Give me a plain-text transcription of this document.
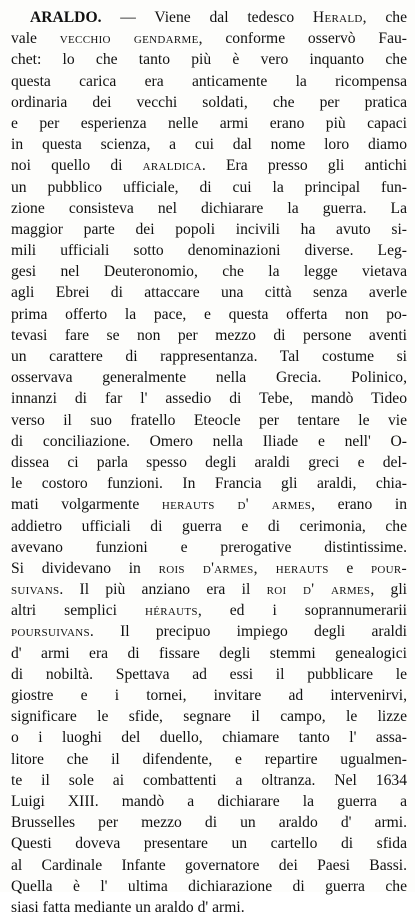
ARALDO. — Viene dal tedesco Herald, che
vale vecchio gendarme, conforme osservò Fau-
chet: lo che tanto più è vero inquanto che
questa carica era anticamente la ricompensa
ordinaria dei vecchi soldati, che per pratica
e per esperienza nelle armi erano più capaci
in questa scienza, a cui dal nome loro diamo
noi quello di araldica. Era presso gli antichi
un pubblico ufficiale, di cui la principal fun-
zione consisteva nel dichiarare la guerra. La
maggior parte dei popoli incivili ha avuto si-
mili ufficiali sotto denominazioni diverse. Leg-
gesi nel Deuteronomio, che la legge vietava
agli Ebrei di attaccare una città senza averle
prima offerto la pace, e questa offerta non po-
tevasi fare se non per mezzo di persone aventi
un carattere di rappresentanza. Tal costume si
osservava generalmente nella Grecia. Polinico,
innanzi di far l' assedio di Tebe, mandò Tideo
verso il suo fratello Eteocle per tentare le vie
di conciliazione. Omero nella Iliade e nell' O-
dissea ci parla spesso degli araldi greci e del-
le costoro funzioni. In Francia gli araldi, chia-
mati volgarmente herauts d' armes, erano in
addietro ufficiali di guerra e di cerimonia, che
avevano funzioni e prerogative distintissime.
Si dividevano in rois d'armes, herauts e pour-
suivans. Il più anziano era il roi d' armes, gli
altri semplici hérauts, ed i soprannumerarii
poursuivans. Il precipuo impiego degli araldi
d' armi era di fissare degli stemmi genealogici
di nobiltà. Spettava ad essi il pubblicare le
giostre e i tornei, invitare ad intervenirvi,
significare le sfide, segnare il campo, le lizze
o i luoghi del duello, chiamare tanto l' assa-
litore che il difendente, e repartire ugualmen-
te il sole ai combattenti a oltranza. Nel 1634
Luigi XIII. mandò a dichiarare la guerra a
Brusselles per mezzo di un araldo d' armi.
Questi doveva presentare un cartello di sfida
al Cardinale Infante governatore dei Paesi Bassi.
Quella è l' ultima dichiarazione di guerra che
siasi fatta mediante un araldo d' armi.
